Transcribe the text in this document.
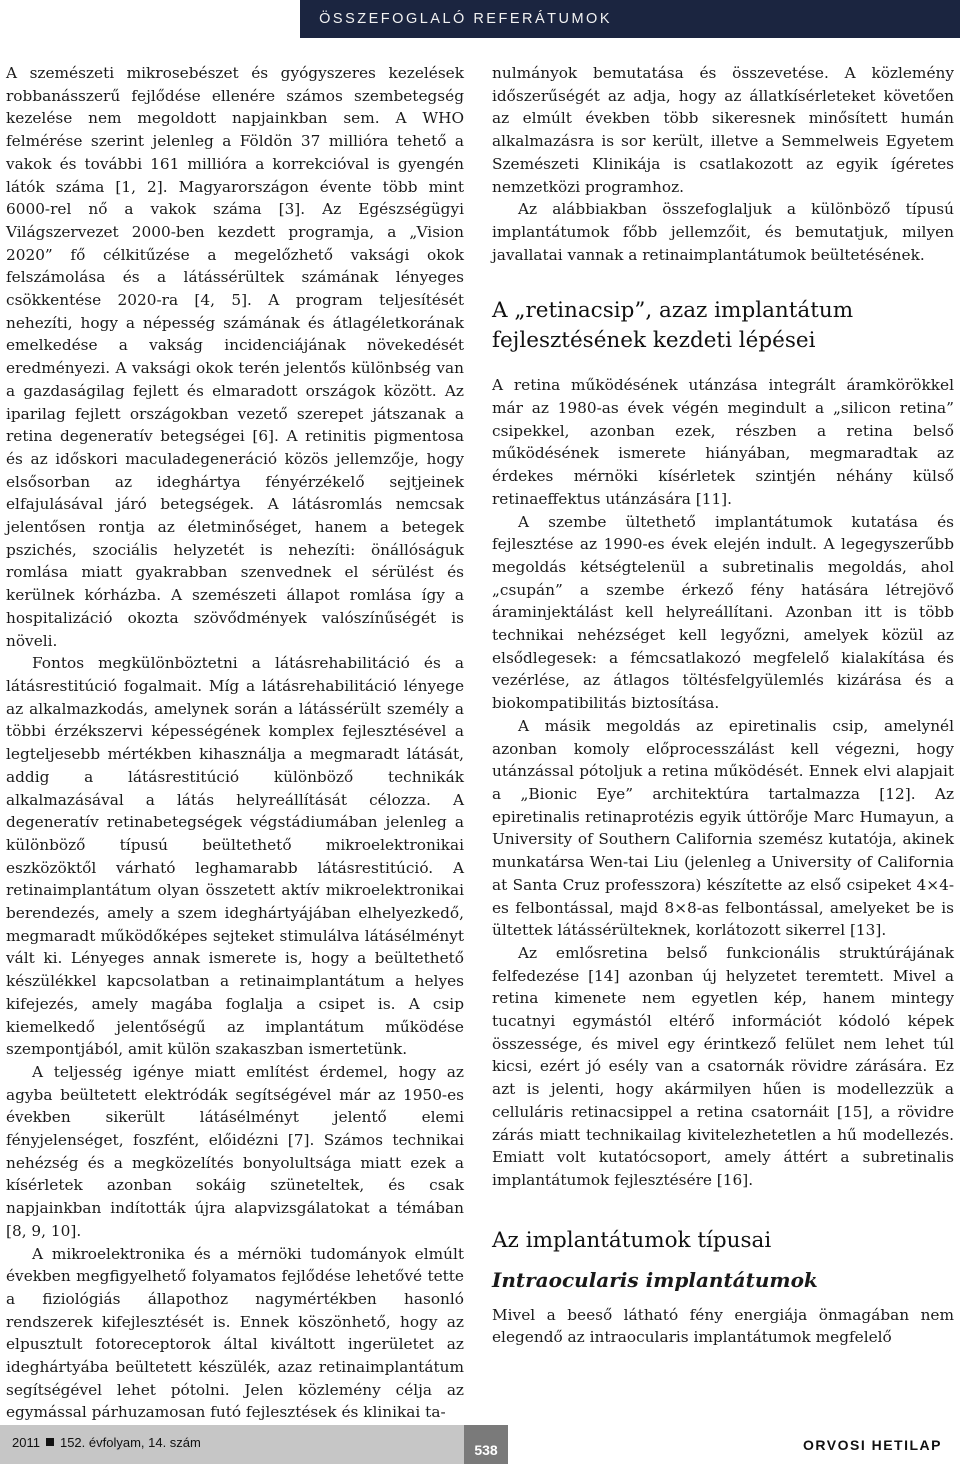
ÖSSZEFOGLALÓ REFERÁTUMOK

A szemészeti mikrosebészet és gyógyszeres kezelések robbanásszerű fejlődése ellenére számos szembetegség kezelése nem megoldott napjainkban sem. A WHO felmérése szerint jelenleg a Földön 37 millióra tehető a vakok és további 161 millióra a korrekcióval is gyengén látók száma [1, 2]. Magyarországon évente több mint 6000-rel nő a vakok száma [3]. Az Egészségügyi Világszervezet 2000-ben kezdett programja, a „Vision 2020” fő célkitűzése a megelőzhető vaksági okok felszámolása és a látássérültek számának lényeges csökkentése 2020-ra [4, 5]. A program teljesítését nehezíti, hogy a népesség számának és átlagéletkorának emelkedése a vakság incidenciájának növekedését eredményezi. A vaksági okok terén jelentős különbség van a gazdaságilag fejlett és elmaradott országok között. Az iparilag fejlett országokban vezető szerepet játszanak a retina degeneratív betegségei [6]. A retinitis pigmentosa és az időskori maculadegeneráció közös jellemzője, hogy elsősorban az ideghártya fényérzékelő sejtjeinek elfajulásával járó betegségek. A látásromlás nemcsak jelentősen rontja az életminőséget, hanem a betegek pszichés, szociális helyzetét is nehezíti: önállóságuk romlása miatt gyakrabban szenvednek el sérülést és kerülnek kórházba. A szemészeti állapot romlása így a hospitalizáció okozta szövődmények valószínűségét is növeli.

Fontos megkülönböztetni a látásrehabilitáció és a látásrestitúció fogalmait. Míg a látásrehabilitáció lényege az alkalmazkodás, amelynek során a látássérült személy a többi érzékszervi képességének komplex fejlesztésével a legteljesebb mértékben kihasználja a megmaradt látását, addig a látásrestitúció különböző technikák alkalmazásával a látás helyreállítását célozza. A degeneratív retinabetegségek végstádiumában jelenleg a különböző típusú beültethető mikroelektronikai eszközöktől várható leghamarabb látásrestitúció. A retinaimplantátum olyan összetett aktív mikroelektronikai berendezés, amely a szem ideghártyájában elhelyezkedő, megmaradt működőképes sejteket stimulálva látásélményt vált ki. Lényeges annak ismerete is, hogy a beültethető készülékkel kapcsolatban a retinaimplantátum a helyes kifejezés, amely magába foglalja a csipet is. A csip kiemelkedő jelentőségű az implantátum működése szempontjából, amit külön szakaszban ismertetünk.

A teljesség igénye miatt említést érdemel, hogy az agyba beültetett elektródák segítségével már az 1950-es években sikerült látásélményt jelentő elemi fényjelenséget, foszfént, előidézni [7]. Számos technikai nehézség és a megközelítés bonyolultsága miatt ezek a kísérletek azonban sokáig szüneteltek, és csak napjainkban indították újra alapvizsgálatokat a témában [8, 9, 10].

A mikroelektronika és a mérnöki tudományok elmúlt években megfigyelhető folyamatos fejlődése lehetővé tette a fiziológiás állapothoz nagymértékben hasonló rendszerek kifejlesztését is. Ennek köszönhető, hogy az elpusztult fotoreceptorok által kiváltott ingerületet az ideghártyába beültetett készülék, azaz retinaimplantátum segítségével lehet pótolni. Jelen közlemény célja az egymással párhuzamosan futó fejlesztések és klinikai ta-

nulmányok bemutatása és összevetése. A közlemény időszerűségét az adja, hogy az állatkísérleteket követően az elmúlt években több sikeresnek minősített humán alkalmazásra is sor került, illetve a Semmelweis Egyetem Szemészeti Klinikája is csatlakozott az egyik ígéretes nemzetközi programhoz.

Az alábbiakban összefoglaljuk a különböző típusú implantátumok főbb jellemzőit, és bemutatjuk, milyen javallatai vannak a retinaimplantátumok beültetésének.

A „retinacsip”, azaz implantátum fejlesztésének kezdeti lépései

A retina működésének utánzása integrált áramkörökkel már az 1980-as évek végén megindult a „silicon retina” csipekkel, azonban ezek, részben a retina belső működésének ismerete hiányában, megmaradtak az érdekes mérnöki kísérletek szintjén néhány külső retinaeffektus utánzására [11].

A szembe ültethető implantátumok kutatása és fejlesztése az 1990-es évek elején indult. A legegyszerűbb megoldás kétségtelenül a subretinalis megoldás, ahol „csupán” a szembe érkező fény hatására létrejövő áraminjektálást kell helyreállítani. Azonban itt is több technikai nehézséget kell legyőzni, amelyek közül az elsődlegesek: a fémcsatlakozó megfelelő kialakítása és vezérlése, az átlagos töltésfelgyülemlés kizárása és a biokompatibilitás biztosítása.

A másik megoldás az epiretinalis csip, amelynél azonban komoly előprocesszálást kell végezni, hogy utánzással pótoljuk a retina működését. Ennek elvi alapjait a „Bionic Eye” architektúra tartalmazza [12]. Az epiretinalis retinaprotézis egyik úttörője Marc Humayun, a University of Southern California szemész kutatója, akinek munkatársa Wen-tai Liu (jelenleg a University of California at Santa Cruz professzora) készítette az első csipeket 4×4-es felbontással, majd 8×8-as felbontással, amelyeket be is ültettek látássérülteknek, korlátozott sikerrel [13].

Az emlősretina belső funkcionális struktúrájának felfedezése [14] azonban új helyzetet teremtett. Mivel a retina kimenete nem egyetlen kép, hanem mintegy tucatnyi egymástól eltérő információt kódoló képek összessége, és mivel egy érintkező felület nem lehet túl kicsi, ezért jó esély van a csatornák rövidre zárására. Ez azt is jelenti, hogy akármilyen hűen is modellezzük a celluláris retinacsippel a retina csatornáit [15], a rövidre zárás miatt technikailag kivitelezhetetlen a hű modellezés. Emiatt volt kutatócsoport, amely áttért a subretinalis implantátumok fejlesztésére [16].

Az implantátumok típusai
Intraocularis implantátumok

Mivel a beeső látható fény energiája önmagában nem elegendő az intraocularis implantátumok megfelelő

2011 152. évfolyam, 14. szám	538	ORVOSI HETILAP
